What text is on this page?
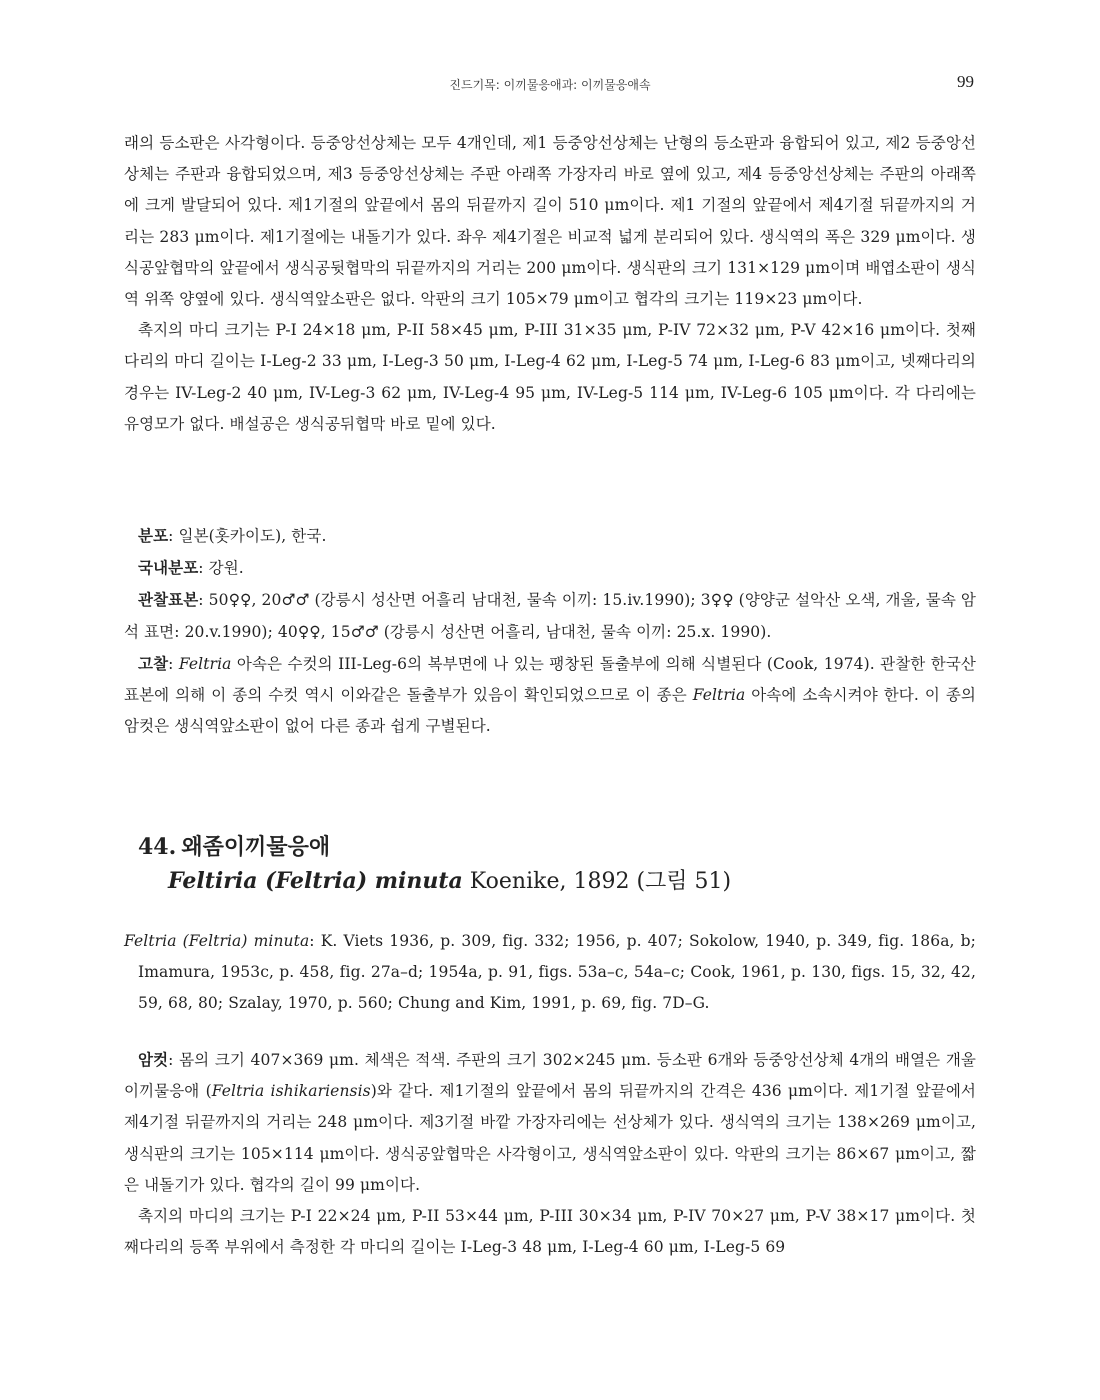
진드기목: 이끼물응애과: 이끼물응애속	99

래의 등소판은 사각형이다. 등중앙선상체는 모두 4개인데, 제1 등중앙선상체는 난형의 등소판과 융합되어 있고, 제2 등중앙선상체는 주판과 융합되었으며, 제3 등중앙선상체는 주판 아래쪽 가장자리 바로 옆에 있고, 제4 등중앙선상체는 주판의 아래쪽에 크게 발달되어 있다. 제1기절의 앞끝에서 몸의 뒤끝까지 길이 510 μm이다. 제1 기절의 앞끝에서 제4기절 뒤끝까지의 거리는 283 μm이다. 제1기절에는 내돌기가 있다. 좌우 제4기절은 비교적 넓게 분리되어 있다. 생식역의 폭은 329 μm이다. 생식공앞협막의 앞끝에서 생식공뒷협막의 뒤끝까지의 거리는 200 μm이다. 생식판의 크기 131×129 μm이며 배엽소판이 생식역 위쪽 양옆에 있다. 생식역앞소판은 없다. 악판의 크기 105×79 μm이고 협각의 크기는 119×23 μm이다.

촉지의 마디 크기는 P-I 24×18 μm, P-II 58×45 μm, P-III 31×35 μm, P-IV 72×32 μm, P-V 42×16 μm이다. 첫째다리의 마디 길이는 I-Leg-2 33 μm, I-Leg-3 50 μm, I-Leg-4 62 μm, I-Leg-5 74 μm, I-Leg-6 83 μm이고, 넷째다리의 경우는 IV-Leg-2 40 μm, IV-Leg-3 62 μm, IV-Leg-4 95 μm, IV-Leg-5 114 μm, IV-Leg-6 105 μm이다. 각 다리에는 유영모가 없다. 배설공은 생식공뒤협막 바로 밑에 있다.

분포: 일본(홋카이도), 한국.

국내분포: 강원.

관찰표본: 50♀♀, 20♂♂ (강릉시 성산면 어흘리 남대천, 물속 이끼: 15.iv.1990); 3♀♀ (양양군 설악산 오색, 개울, 물속 암석 표면: 20.v.1990); 40♀♀, 15♂♂ (강릉시 성산면 어흘리, 남대천, 물속 이끼: 25.x. 1990).

고찰: Feltria 아속은 수컷의 III-Leg-6의 복부면에 나 있는 팽창된 돌출부에 의해 식별된다 (Cook, 1974). 관찰한 한국산 표본에 의해 이 종의 수컷 역시 이와같은 돌출부가 있음이 확인되었으므로 이 종은 Feltria 아속에 소속시켜야 한다. 이 종의 암컷은 생식역앞소판이 없어 다른 종과 쉽게 구별된다.

44. 왜좀이끼물응애
Feltiria (Feltria) minuta Koenike, 1892 (그림 51)

Feltria (Feltria) minuta: K. Viets 1936, p. 309, fig. 332; 1956, p. 407; Sokolow, 1940, p. 349, fig. 186a, b; Imamura, 1953c, p. 458, fig. 27a–d; 1954a, p. 91, figs. 53a–c, 54a–c; Cook, 1961, p. 130, figs. 15, 32, 42, 59, 68, 80; Szalay, 1970, p. 560; Chung and Kim, 1991, p. 69, fig. 7D–G.

암컷: 몸의 크기 407×369 μm. 체색은 적색. 주판의 크기 302×245 μm. 등소판 6개와 등중앙선상체 4개의 배열은 개울이끼물응애 (Feltria ishikariensis)와 같다. 제1기절의 앞끝에서 몸의 뒤끝까지의 간격은 436 μm이다. 제1기절 앞끝에서 제4기절 뒤끝까지의 거리는 248 μm이다. 제3기절 바깥 가장자리에는 선상체가 있다. 생식역의 크기는 138×269 μm이고, 생식판의 크기는 105×114 μm이다. 생식공앞협막은 사각형이고, 생식역앞소판이 있다. 악판의 크기는 86×67 μm이고, 짧은 내돌기가 있다. 협각의 길이 99 μm이다.

촉지의 마디의 크기는 P-I 22×24 μm, P-II 53×44 μm, P-III 30×34 μm, P-IV 70×27 μm, P-V 38×17 μm이다. 첫째다리의 등쪽 부위에서 측정한 각 마디의 길이는 I-Leg-3 48 μm, I-Leg-4 60 μm, I-Leg-5 69
